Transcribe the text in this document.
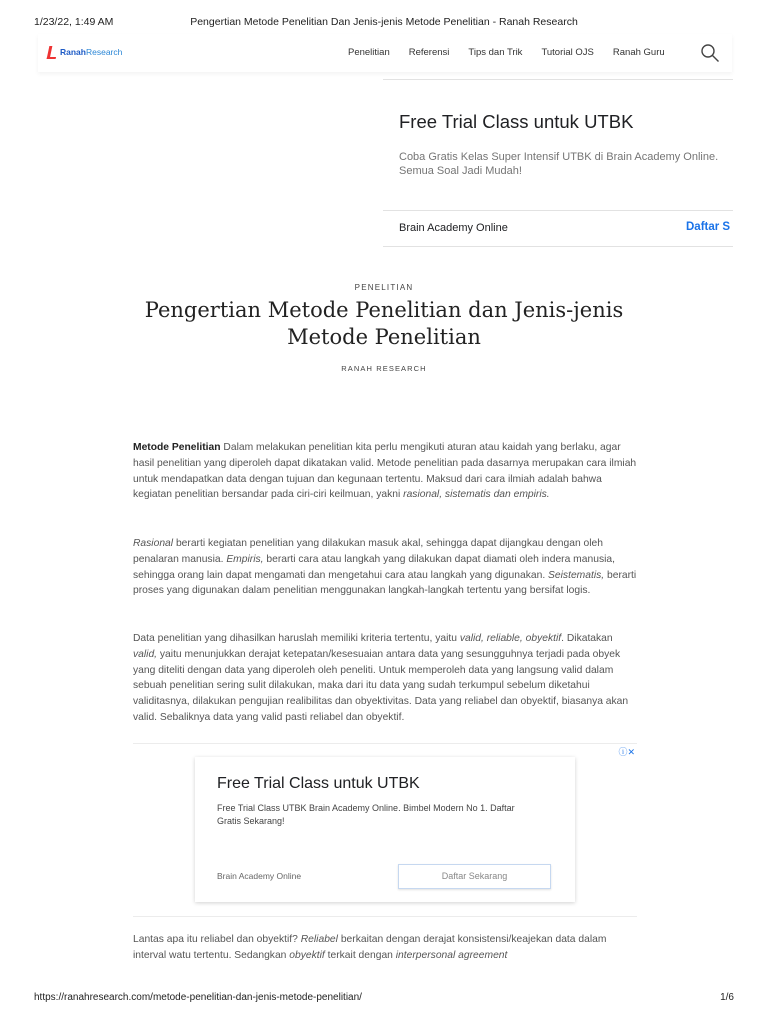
1/23/22, 1:49 AM	Pengertian Metode Penelitian Dan Jenis-jenis Metode Penelitian - Ranah Research
Ranah Research	Penelitian Referensi Tips dan Trik Tutorial OJS Ranah Guru
Free Trial Class untuk UTBK
Coba Gratis Kelas Super Intensif UTBK di Brain Academy Online. Semua Soal Jadi Mudah!
Brain Academy Online	Daftar S
PENELITIAN
Pengertian Metode Penelitian dan Jenis-jenis Metode Penelitian
RANAH RESEARCH

Metode Penelitian Dalam melakukan penelitian kita perlu mengikuti aturan atau kaidah yang berlaku, agar hasil penelitian yang diperoleh dapat dikatakan valid. Metode penelitian pada dasarnya merupakan cara ilmiah untuk mendapatkan data dengan tujuan dan kegunaan tertentu. Maksud dari cara ilmiah adalah bahwa kegiatan penelitian bersandar pada ciri-ciri keilmuan, yakni rasional, sistematis dan empiris.

Rasional berarti kegiatan penelitian yang dilakukan masuk akal, sehingga dapat dijangkau dengan oleh penalaran manusia. Empiris, berarti cara atau langkah yang dilakukan dapat diamati oleh indera manusia, sehingga orang lain dapat mengamati dan mengetahui cara atau langkah yang digunakan. Seistematis, berarti proses yang digunakan dalam penelitian menggunakan langkah-langkah tertentu yang bersifat logis.

Data penelitian yang dihasilkan haruslah memiliki kriteria tertentu, yaitu valid, reliable, obyektif. Dikatakan valid, yaitu menunjukkan derajat ketepatan/kesesuaian antara data yang sesungguhnya terjadi pada obyek yang diteliti dengan data yang diperoleh oleh peneliti. Untuk memperoleh data yang langsung valid dalam sebuah penelitian sering sulit dilakukan, maka dari itu data yang sudah terkumpul sebelum diketahui validitasnya, dilakukan pengujian realibilitas dan obyektivitas. Data yang reliabel dan obyektif, biasanya akan valid. Sebaliknya data yang valid pasti reliabel dan obyektif.

Lantas apa itu reliabel dan obyektif? Reliabel berkaitan dengan derajat konsistensi/keajekan data dalam interval watu tertentu. Sedangkan obyektif terkait dengan interpersonal agreement

ⓘ✕
Free Trial Class untuk UTBK
Free Trial Class UTBK Brain Academy Online. Bimbel Modern No 1. Daftar Gratis Sekarang!
Brain Academy Online	Daftar Sekarang
https://ranahresearch.com/metode-penelitian-dan-jenis-metode-penelitian/	1/6
